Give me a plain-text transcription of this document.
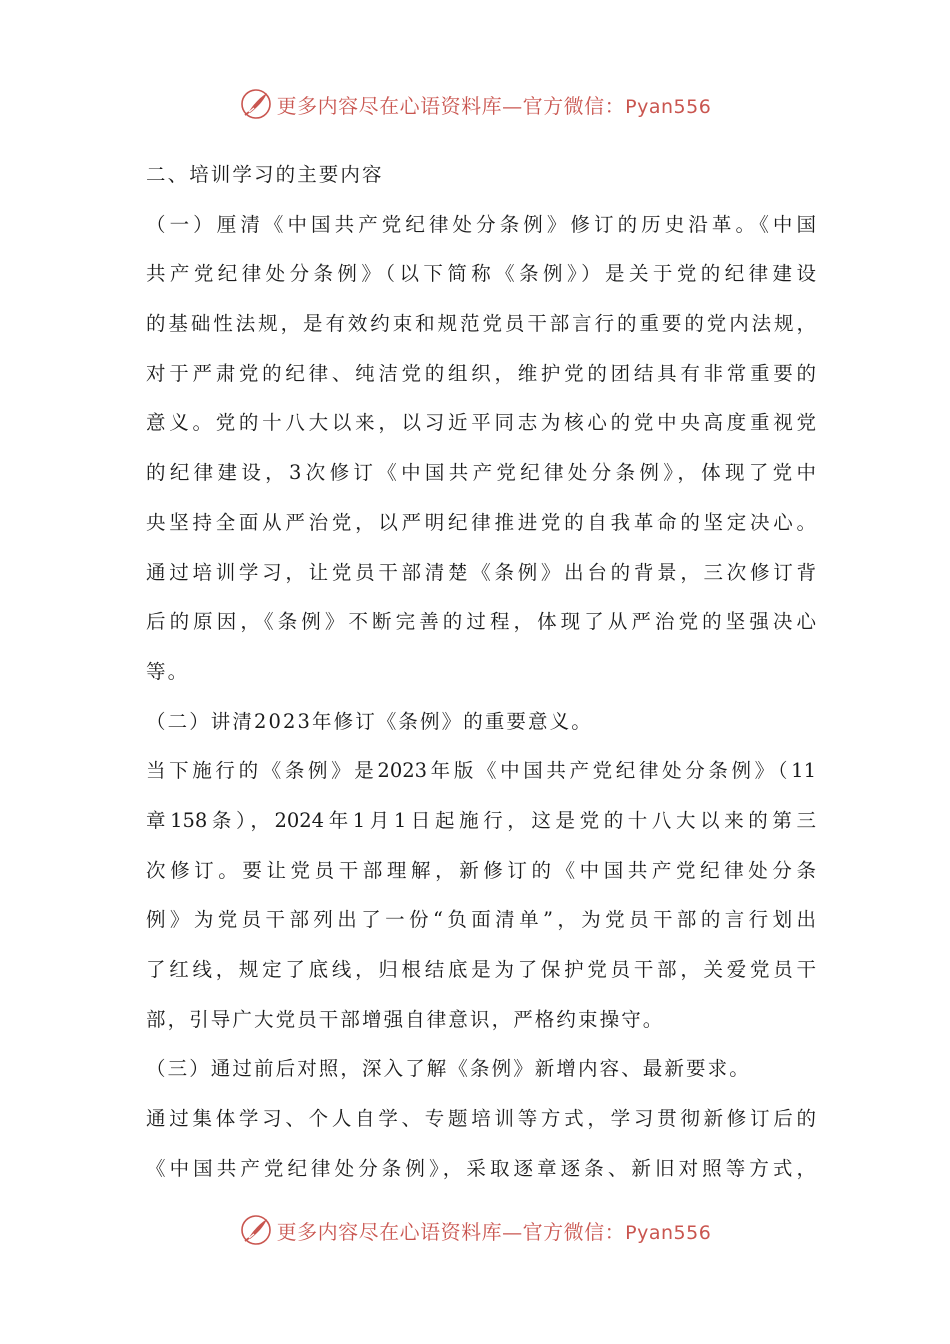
更多内容尽在心语资料库—官方微信：Pyan556
二、培训学习的主要内容
（一）厘清《中国共产党纪律处分条例》修订的历史沿革。《中国
共产党纪律处分条例》（以下简称《条例》）是关于党的纪律建设
的基础性法规，是有效约束和规范党员干部言行的重要的党内法规，
对于严肃党的纪律、纯洁党的组织，维护党的团结具有非常重要的
意义。党的十八大以来，以习近平同志为核心的党中央高度重视党
的纪律建设，3次修订《中国共产党纪律处分条例》，体现了党中
央坚持全面从严治党，以严明纪律推进党的自我革命的坚定决心。
通过培训学习，让党员干部清楚《条例》出台的背景，三次修订背
后的原因，《条例》不断完善的过程，体现了从严治党的坚强决心
等。
（二）讲清2023年修订《条例》的重要意义。
当下施行的《条例》是2023年版《中国共产党纪律处分条例》（11
章158条），2024年1月1日起施行，这是党的十八大以来的第三
次修订。要让党员干部理解，新修订的《中国共产党纪律处分条
例》为党员干部列出了一份“负面清单”，为党员干部的言行划出
了红线，规定了底线，归根结底是为了保护党员干部，关爱党员干
部，引导广大党员干部增强自律意识，严格约束操守。
（三）通过前后对照，深入了解《条例》新增内容、最新要求。
通过集体学习、个人自学、专题培训等方式，学习贯彻新修订后的
《中国共产党纪律处分条例》，采取逐章逐条、新旧对照等方式，
更多内容尽在心语资料库—官方微信：Pyan556
